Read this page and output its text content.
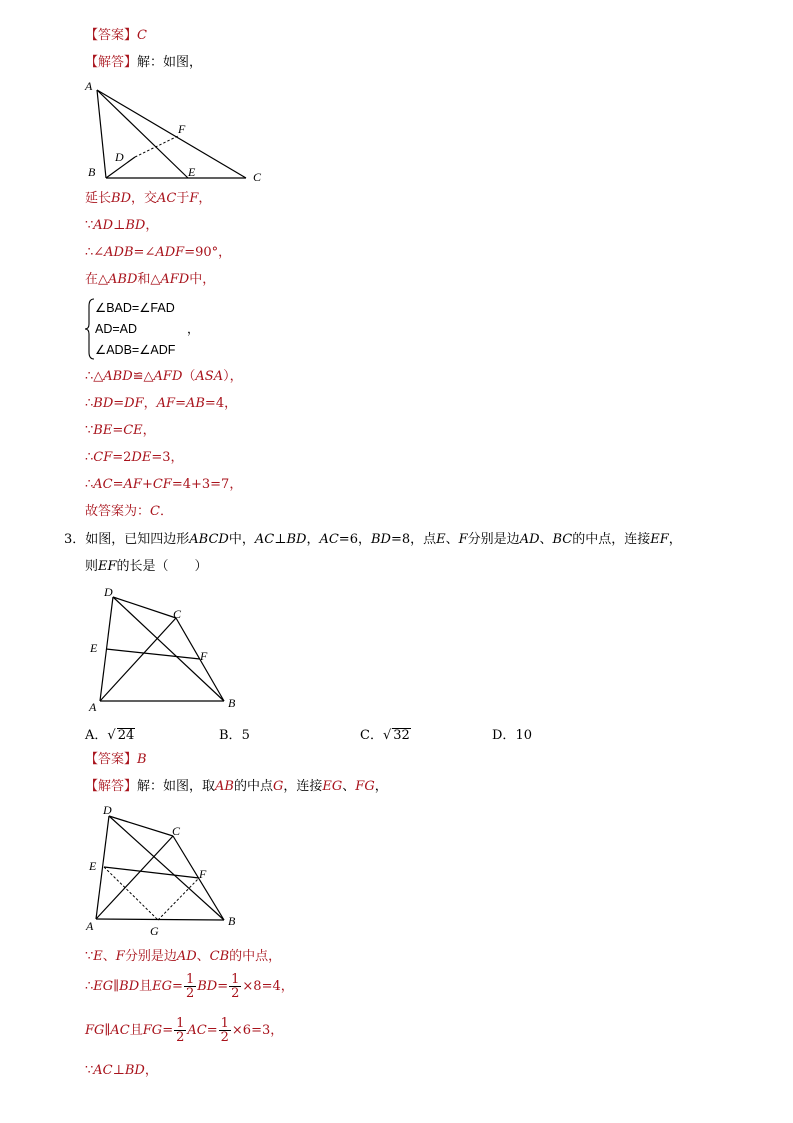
【答案】C
【解答】解：如图，
A
B	C
D
E
F
延长BD，交AC于F，
∵AD⊥BD，
∴∠ADB=∠ADF=90°，
在△ABD和△AFD中，
∠BAD=∠FAD
AD=AD	，
∠ADB=∠ADF
∴△ABD≌△AFD（ASA），
∴BD=DF，AF=AB=4，
∵BE=CE，
∴CF=2DE=3，
∴AC=AF+CF=4+3=7，
故答案为：C．
3．如图，已知四边形ABCD中，AC⊥BD，AC=6，BD=8，点E、F分别是边AD、BC的中点，连接EF，
则EF的长是（　　）
A	B
C
D
E
F
A．√ 24	B．5	C．√ 32	D．10
【答案】B
【解答】解：如图，取AB的中点G，连接EG、FG，
A	B
C
D
E
F
G
∵E、F分别是边AD、CB的中点，
∴EG∥BD且$EG= \frac{1}{2} BD= \frac{1}{2} \times 8=4$，
FG∥AC且$FG= \frac{1}{2} AC= \frac{1}{2} \times 6=3$，
∵AC⊥BD，
